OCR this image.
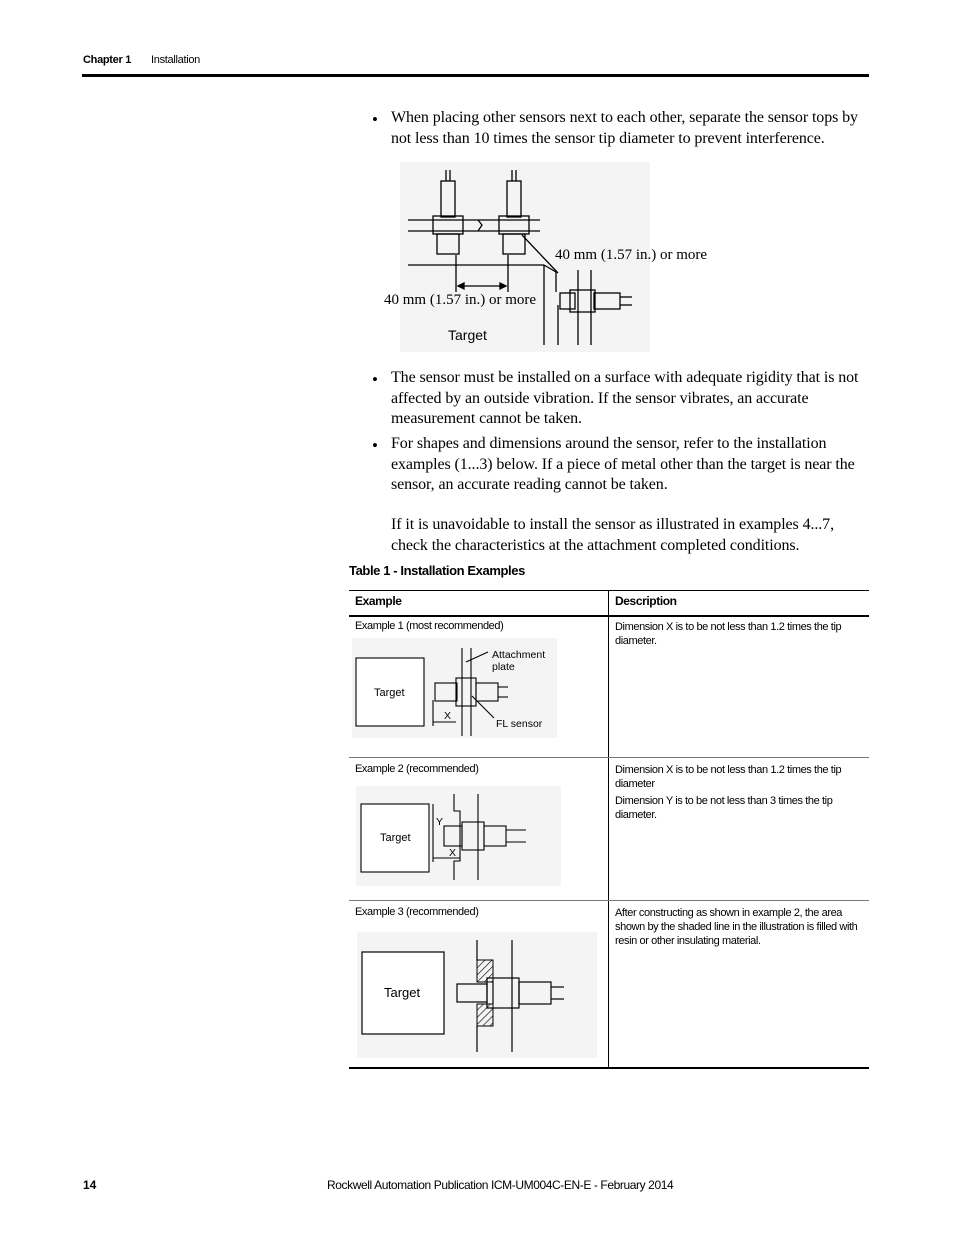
Chapter 1 Installation
• When placing other sensors next to each other, separate the sensor tops by not less than 10 times the sensor tip diameter to prevent interference.
40 mm (1.57 in.) or more
40 mm (1.57 in.) or more
Target
• The sensor must be installed on a surface with adequate rigidity that is not affected by an outside vibration. If the sensor vibrates, an accurate measurement cannot be taken.
• For shapes and dimensions around the sensor, refer to the installation examples (1...3) below. If a piece of metal other than the target is near the sensor, an accurate reading cannot be taken.
If it is unavoidable to install the sensor as illustrated in examples 4...7, check the characteristics at the attachment completed conditions.
Table 1 - Installation Examples
Example	Description
Example 1 (most recommended)	Dimension X is to be not less than 1.2 times the tip diameter.

Target
Attachment
plate
FL sensor
X
Example 2 (recommended)	Dimension X is to be not less than 1.2 times the tip diameter

Dimension Y is to be not less than 3 times the tip diameter.

Target
Y
X
Example 3 (recommended)	After constructing as shown in example 2, the area shown by the shaded line in the illustration is filled with resin or other insulating material.

Target
14	Rockwell Automation Publication ICM-UM004C-EN-E - February 2014
